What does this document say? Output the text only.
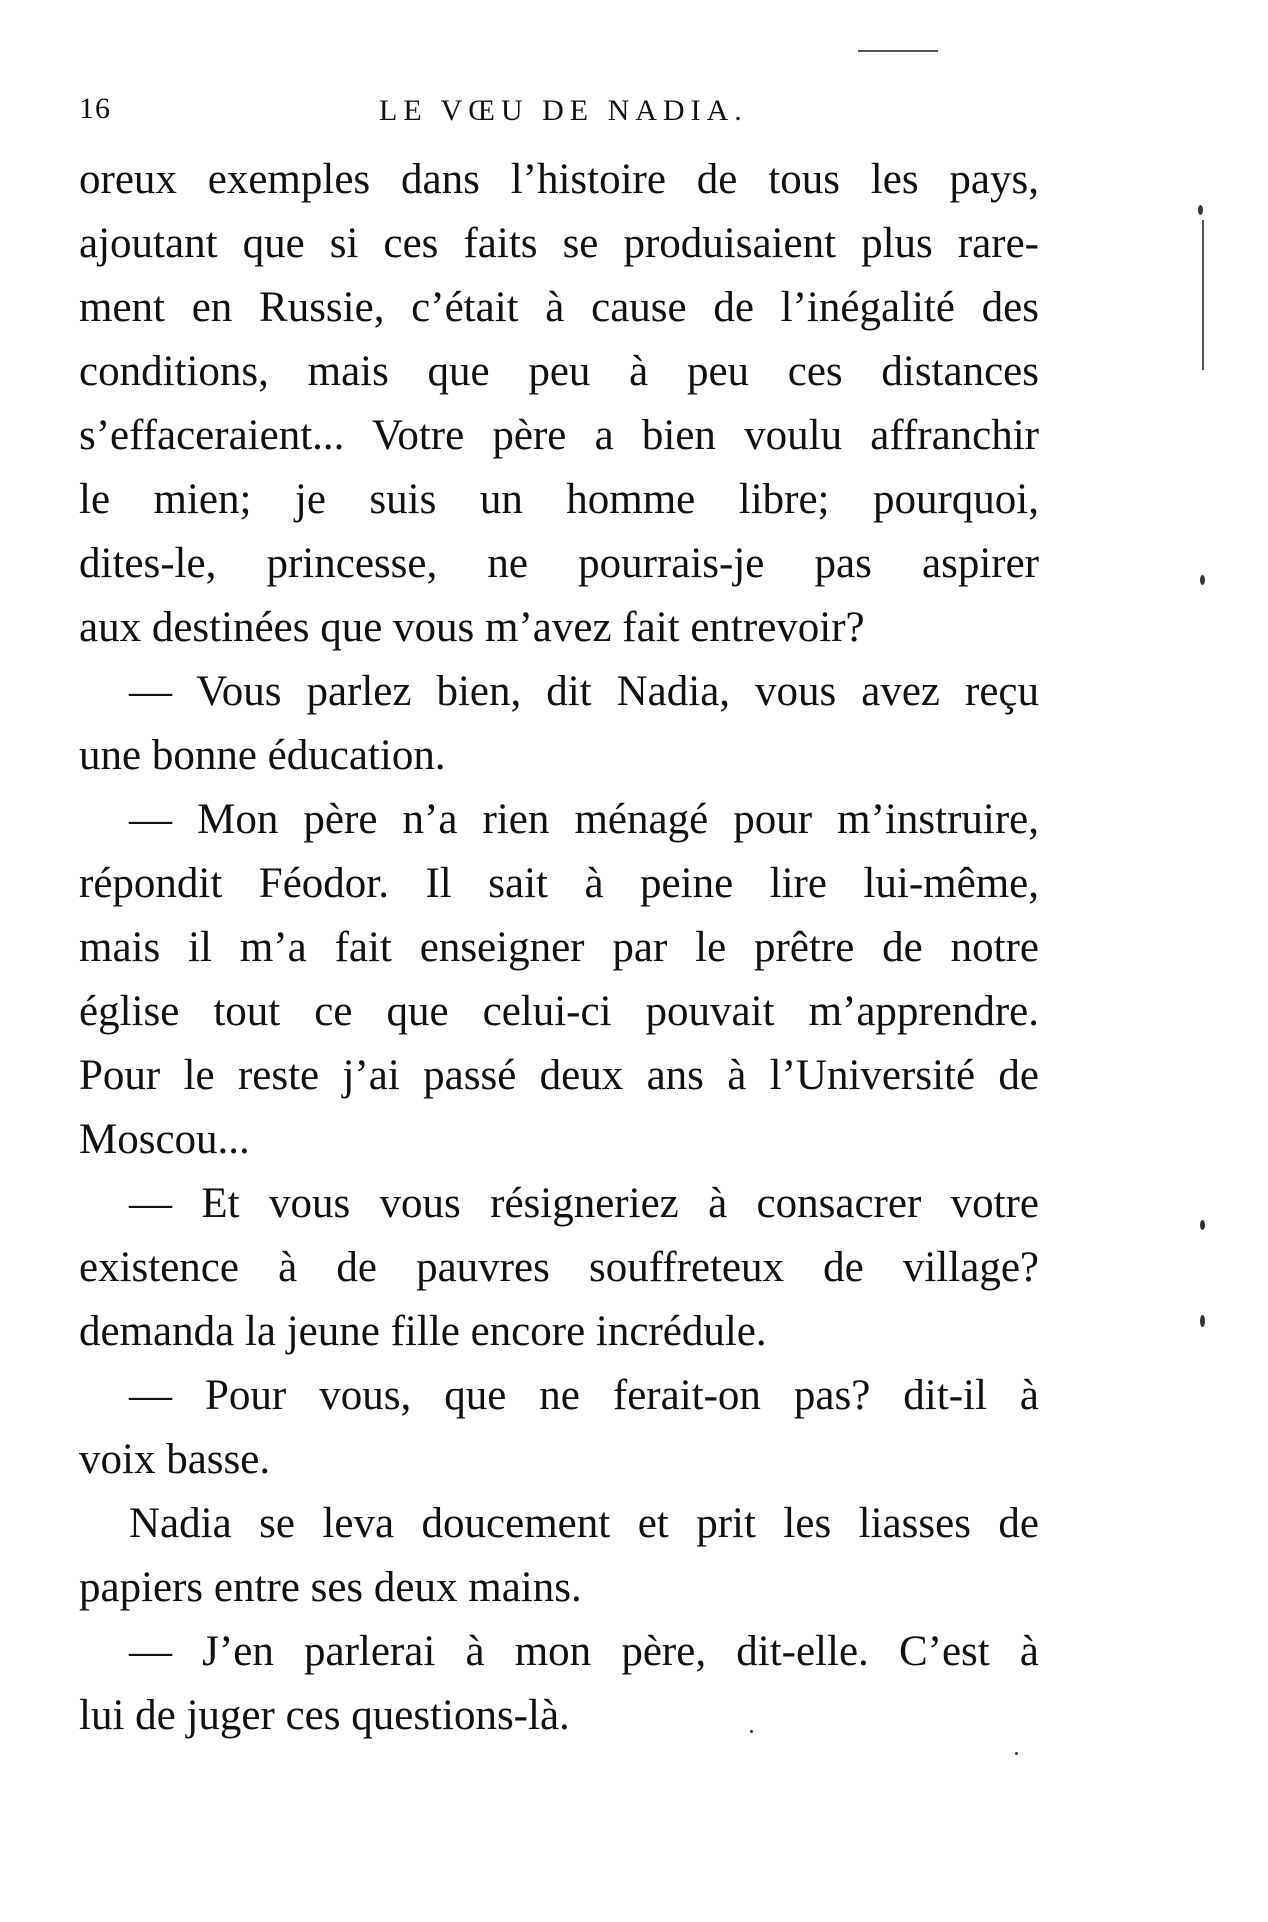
16	LE VŒU DE NADIA.
oreux exemples dans l’histoire de tous les pays,
ajoutant que si ces faits se produisaient plus rare-
ment en Russie, c’était à cause de l’inégalité des
conditions, mais que peu à peu ces distances
s’effaceraient... Votre père a bien voulu affranchir
le mien; je suis un homme libre; pourquoi,
dites-le, princesse, ne pourrais-je pas aspirer
aux destinées que vous m’avez fait entrevoir?
— Vous parlez bien, dit Nadia, vous avez reçu
une bonne éducation.
— Mon père n’a rien ménagé pour m’instruire,
répondit Féodor. Il sait à peine lire lui-même,
mais il m’a fait enseigner par le prêtre de notre
église tout ce que celui-ci pouvait m’apprendre.
Pour le reste j’ai passé deux ans à l’Université de
Moscou...
— Et vous vous résigneriez à consacrer votre
existence à de pauvres souffreteux de village?
demanda la jeune fille encore incrédule.
— Pour vous, que ne ferait-on pas? dit-il à
voix basse.
Nadia se leva doucement et prit les liasses de
papiers entre ses deux mains.
— J’en parlerai à mon père, dit-elle. C’est à
lui de juger ces questions-là.
